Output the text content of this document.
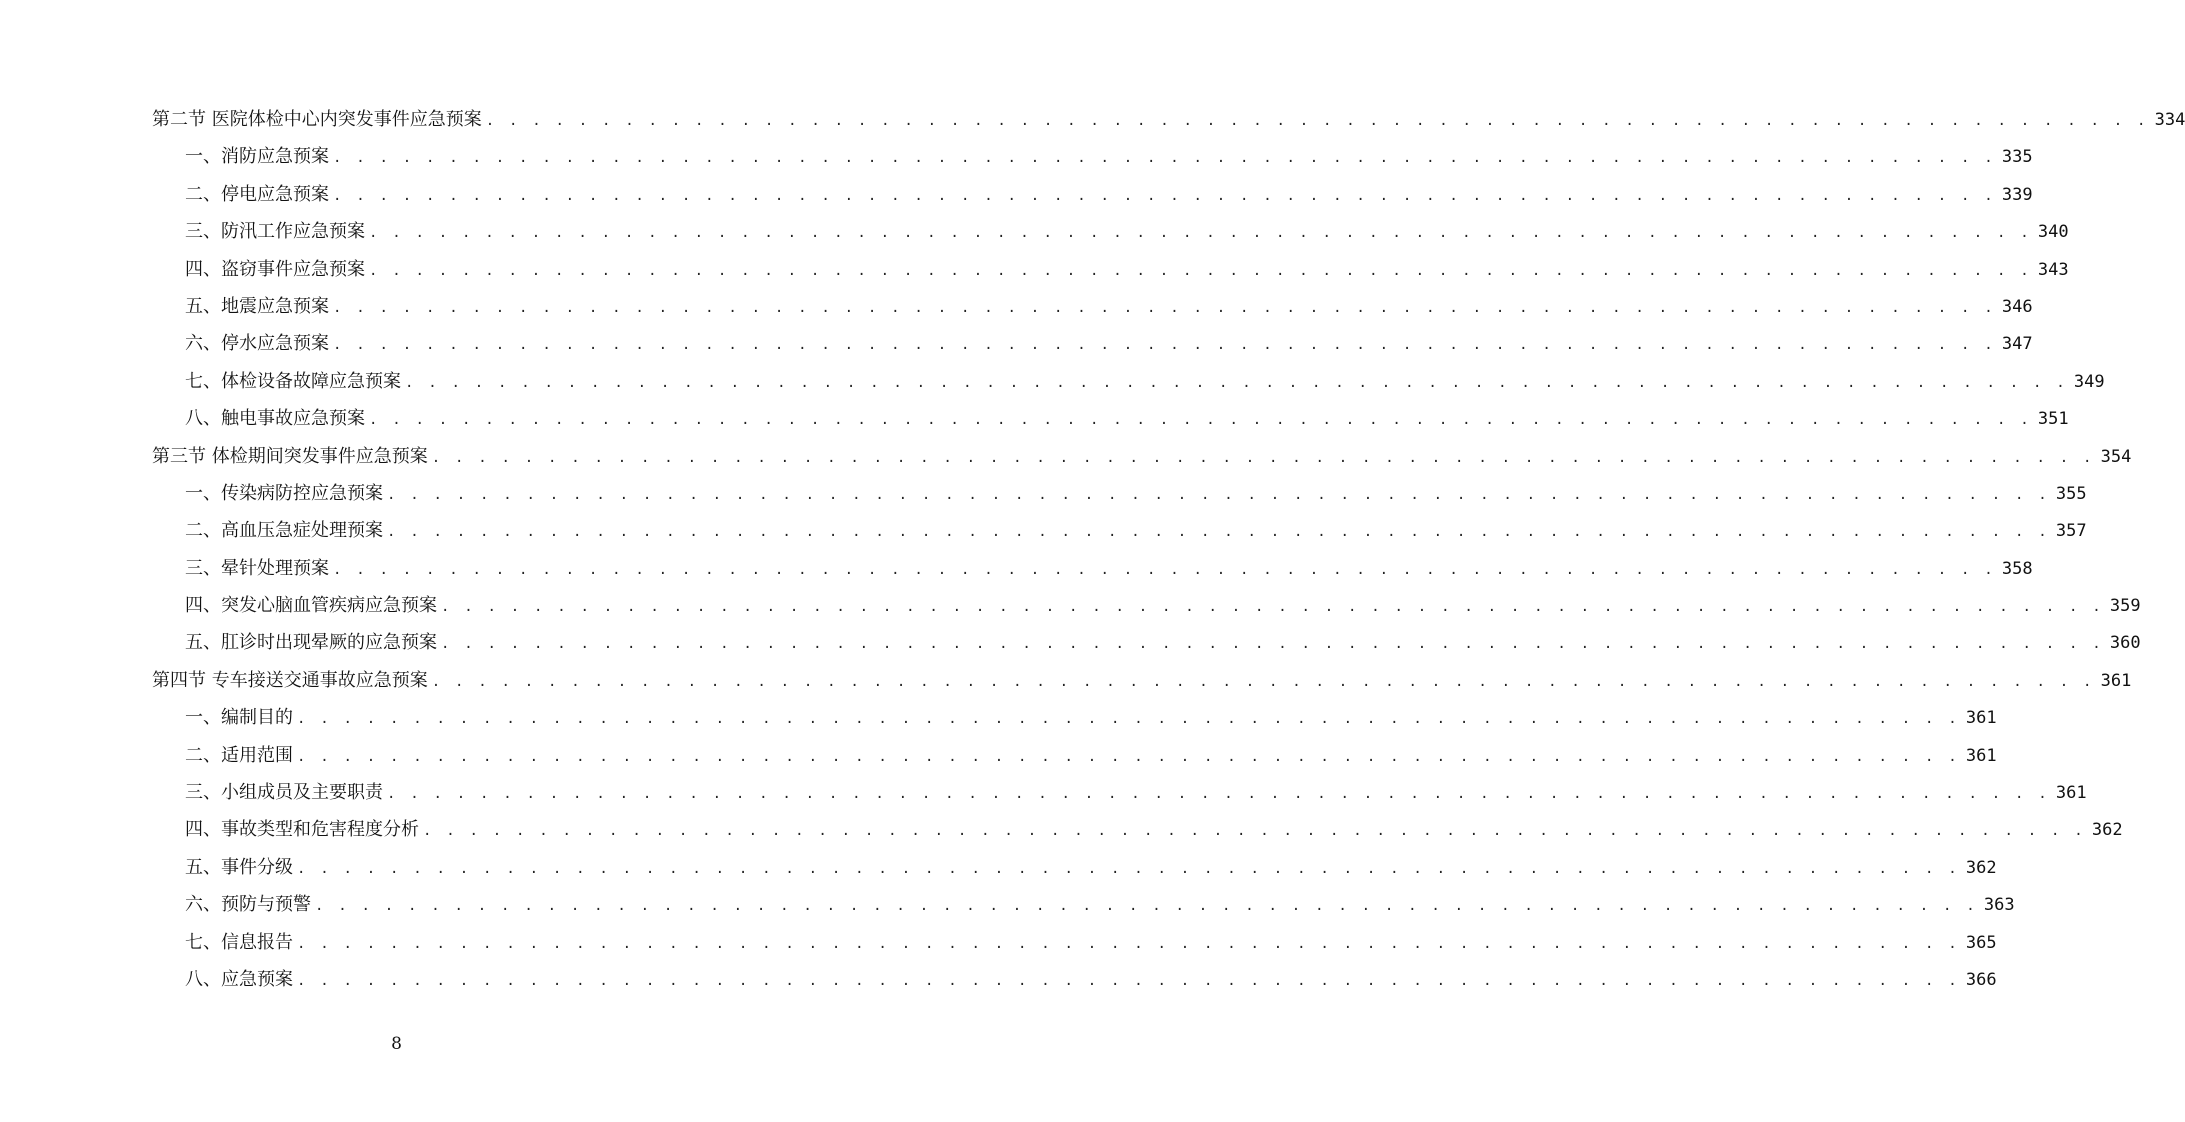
第二节 医院体检中心内突发事件应急预案 . . . . . . . . . . . . . . . . . . . . . . . . . . . . . . . . . . . . . . . . . . . . . . . . . . . . . . . . . . . . . . . . . . . . . . . . 334
一、消防应急预案 . . . . . . . . . . . . . . . . . . . . . . . . . . . . . . . . . . . . . . . . . . . . . . . . . . . . . . . . . . . . . . . . . . . . . . . . 335
二、停电应急预案 . . . . . . . . . . . . . . . . . . . . . . . . . . . . . . . . . . . . . . . . . . . . . . . . . . . . . . . . . . . . . . . . . . . . . . . . 339
三、防汛工作应急预案 . . . . . . . . . . . . . . . . . . . . . . . . . . . . . . . . . . . . . . . . . . . . . . . . . . . . . . . . . . . . . . . . . . . . . . . . 340
四、盗窃事件应急预案 . . . . . . . . . . . . . . . . . . . . . . . . . . . . . . . . . . . . . . . . . . . . . . . . . . . . . . . . . . . . . . . . . . . . . . . . 343
五、地震应急预案 . . . . . . . . . . . . . . . . . . . . . . . . . . . . . . . . . . . . . . . . . . . . . . . . . . . . . . . . . . . . . . . . . . . . . . . . 346
六、停水应急预案 . . . . . . . . . . . . . . . . . . . . . . . . . . . . . . . . . . . . . . . . . . . . . . . . . . . . . . . . . . . . . . . . . . . . . . . . 347
七、体检设备故障应急预案 . . . . . . . . . . . . . . . . . . . . . . . . . . . . . . . . . . . . . . . . . . . . . . . . . . . . . . . . . . . . . . . . . . . . . . . . 349
八、触电事故应急预案 . . . . . . . . . . . . . . . . . . . . . . . . . . . . . . . . . . . . . . . . . . . . . . . . . . . . . . . . . . . . . . . . . . . . . . . . 351
第三节 体检期间突发事件应急预案 . . . . . . . . . . . . . . . . . . . . . . . . . . . . . . . . . . . . . . . . . . . . . . . . . . . . . . . . . . . . . . . . . . . . . . . . 354
一、传染病防控应急预案 . . . . . . . . . . . . . . . . . . . . . . . . . . . . . . . . . . . . . . . . . . . . . . . . . . . . . . . . . . . . . . . . . . . . . . . . 355
二、高血压急症处理预案 . . . . . . . . . . . . . . . . . . . . . . . . . . . . . . . . . . . . . . . . . . . . . . . . . . . . . . . . . . . . . . . . . . . . . . . . 357
三、晕针处理预案 . . . . . . . . . . . . . . . . . . . . . . . . . . . . . . . . . . . . . . . . . . . . . . . . . . . . . . . . . . . . . . . . . . . . . . . . 358
四、突发心脑血管疾病应急预案 . . . . . . . . . . . . . . . . . . . . . . . . . . . . . . . . . . . . . . . . . . . . . . . . . . . . . . . . . . . . . . . . . . . . . . . . 359
五、肛诊时出现晕厥的应急预案 . . . . . . . . . . . . . . . . . . . . . . . . . . . . . . . . . . . . . . . . . . . . . . . . . . . . . . . . . . . . . . . . . . . . . . . . 360
第四节 专车接送交通事故应急预案 . . . . . . . . . . . . . . . . . . . . . . . . . . . . . . . . . . . . . . . . . . . . . . . . . . . . . . . . . . . . . . . . . . . . . . . . 361
一、编制目的 . . . . . . . . . . . . . . . . . . . . . . . . . . . . . . . . . . . . . . . . . . . . . . . . . . . . . . . . . . . . . . . . . . . . . . . . 361
二、适用范围 . . . . . . . . . . . . . . . . . . . . . . . . . . . . . . . . . . . . . . . . . . . . . . . . . . . . . . . . . . . . . . . . . . . . . . . . 361
三、小组成员及主要职责 . . . . . . . . . . . . . . . . . . . . . . . . . . . . . . . . . . . . . . . . . . . . . . . . . . . . . . . . . . . . . . . . . . . . . . . . 361
四、事故类型和危害程度分析 . . . . . . . . . . . . . . . . . . . . . . . . . . . . . . . . . . . . . . . . . . . . . . . . . . . . . . . . . . . . . . . . . . . . . . . . 362
五、事件分级 . . . . . . . . . . . . . . . . . . . . . . . . . . . . . . . . . . . . . . . . . . . . . . . . . . . . . . . . . . . . . . . . . . . . . . . . 362
六、预防与预警 . . . . . . . . . . . . . . . . . . . . . . . . . . . . . . . . . . . . . . . . . . . . . . . . . . . . . . . . . . . . . . . . . . . . . . . . 363
七、信息报告 . . . . . . . . . . . . . . . . . . . . . . . . . . . . . . . . . . . . . . . . . . . . . . . . . . . . . . . . . . . . . . . . . . . . . . . . 365
八、应急预案 . . . . . . . . . . . . . . . . . . . . . . . . . . . . . . . . . . . . . . . . . . . . . . . . . . . . . . . . . . . . . . . . . . . . . . . . 366
8
